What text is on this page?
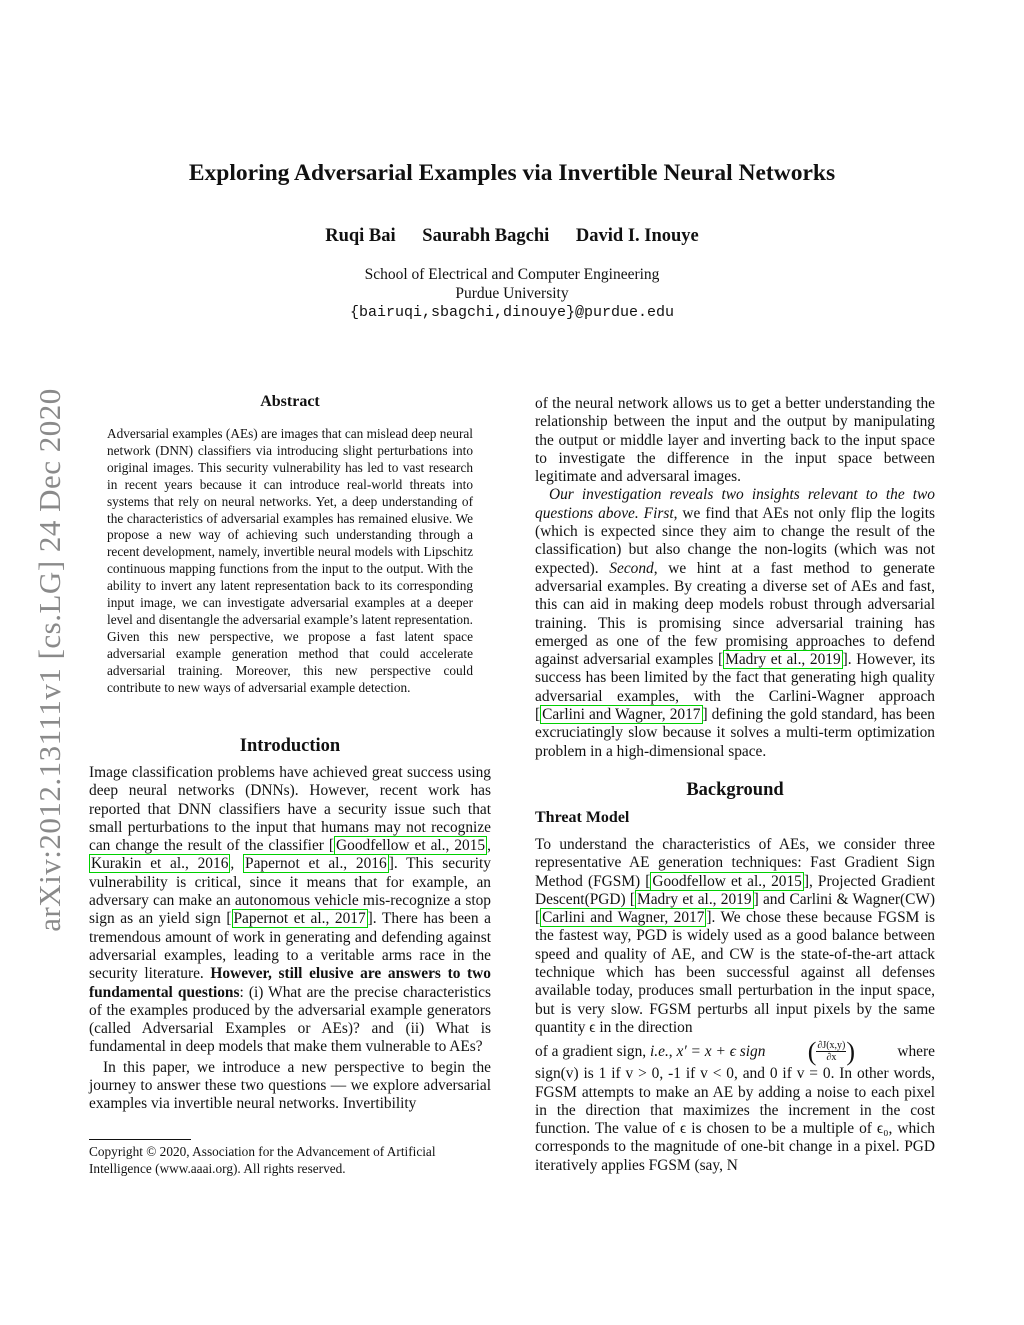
arXiv:2012.13111v1 [cs.LG] 24 Dec 2020
Exploring Adversarial Examples via Invertible Neural Networks
Ruqi Bai Saurabh Bagchi David I. Inouye
School of Electrical and Computer Engineering
Purdue University
{bairuqi,sbagchi,dinouye}@purdue.edu
Abstract
Adversarial examples (AEs) are images that can mislead deep neural network (DNN) classifiers via introducing slight perturbations into original images. This security vulnerability has led to vast research in recent years because it can introduce real-world threats into systems that rely on neural networks. Yet, a deep understanding of the characteristics of adversarial examples has remained elusive. We propose a new way of achieving such understanding through a recent development, namely, invertible neural models with Lipschitz continuous mapping functions from the input to the output. With the ability to invert any latent representation back to its corresponding input image, we can investigate adversarial examples at a deeper level and disentangle the adversarial example’s latent representation. Given this new perspective, we propose a fast latent space adversarial example generation method that could accelerate adversarial training. Moreover, this new perspective could contribute to new ways of adversarial example detection.
Introduction

Image classification problems have achieved great success using deep neural networks (DNNs). However, recent work has reported that DNN classifiers have a security issue such that small perturbations to the input that humans may not recognize can change the result of the classifier [ Goodfellow et al., 2015 , Kurakin et al., 2016 , Papernot et al., 2016 ]. This security vulnerability is critical, since it means that for example, an adversary can make an autonomous vehicle mis-recognize a stop sign as an yield sign [ Papernot et al., 2017 ]. There has been a tremendous amount of work in generating and defending against adversarial examples, leading to a veritable arms race in the security literature. However, still elusive are answers to two fundamental questions: (i) What are the precise characteristics of the examples produced by the adversarial example generators (called Adversarial Examples or AEs)? and (ii) What is fundamental in deep models that make them vulnerable to AEs?

In this paper, we introduce a new perspective to begin the journey to answer these two questions — we explore adversarial examples via invertible neural networks. Invertibility

Copyright © 2020, Association for the Advancement of Artificial Intelligence (www.aaai.org). All rights reserved.

of the neural network allows us to get a better understanding the relationship between the input and the output by manipulating the output or middle layer and inverting back to the input space to investigate the difference in the input space between legitimate and adversaral images.

Our investigation reveals two insights relevant to the two questions above. First, we find that AEs not only flip the logits (which is expected since they aim to change the result of the classification) but also change the non-logits (which was not expected). Second, we hint at a fast method to generate adversarial examples. By creating a diverse set of AEs and fast, this can aid in making deep models robust through adversarial training. This is promising since adversarial training has emerged as one of the few promising approaches to defend against adversarial examples [ Madry et al., 2019 ]. However, its success has been limited by the fact that generating high quality adversarial examples, with the Carlini-Wagner approach [ Carlini and Wagner, 2017 ] defining the gold standard, has been excruciatingly slow because it solves a multi-term optimization problem in a high-dimensional space.

Background
Threat Model

To understand the characteristics of AEs, we consider three representative AE generation techniques: Fast Gradient Sign Method (FGSM) [ Goodfellow et al., 2015 ], Projected Gradient Descent(PGD) [ Madry et al., 2019 ] and Carlini & Wagner(CW) [ Carlini and Wagner, 2017 ]. We chose these because FGSM is the fastest way, PGD is widely used as a good balance between speed and quality of AE, and CW is the state-of-the-art attack technique which has been successful against all defenses available today, produces small perturbation in the input space, but is very slow. FGSM perturbs all input pixels by the same quantity ϵ in the direction

of a gradient sign, i.e., x′ = x + ϵ sign ( $\frac{\partial J(x,y)}{\partial x}$ )	where

sign(v) is 1 if v > 0, -1 if v < 0, and 0 if v = 0. In other words, FGSM attempts to make an AE by adding a noise to each pixel in the direction that maximizes the increment in the cost function. The value of ϵ is chosen to be a multiple of ϵ₀, which corresponds to the magnitude of one-bit change in a pixel. PGD iteratively applies FGSM (say, N
